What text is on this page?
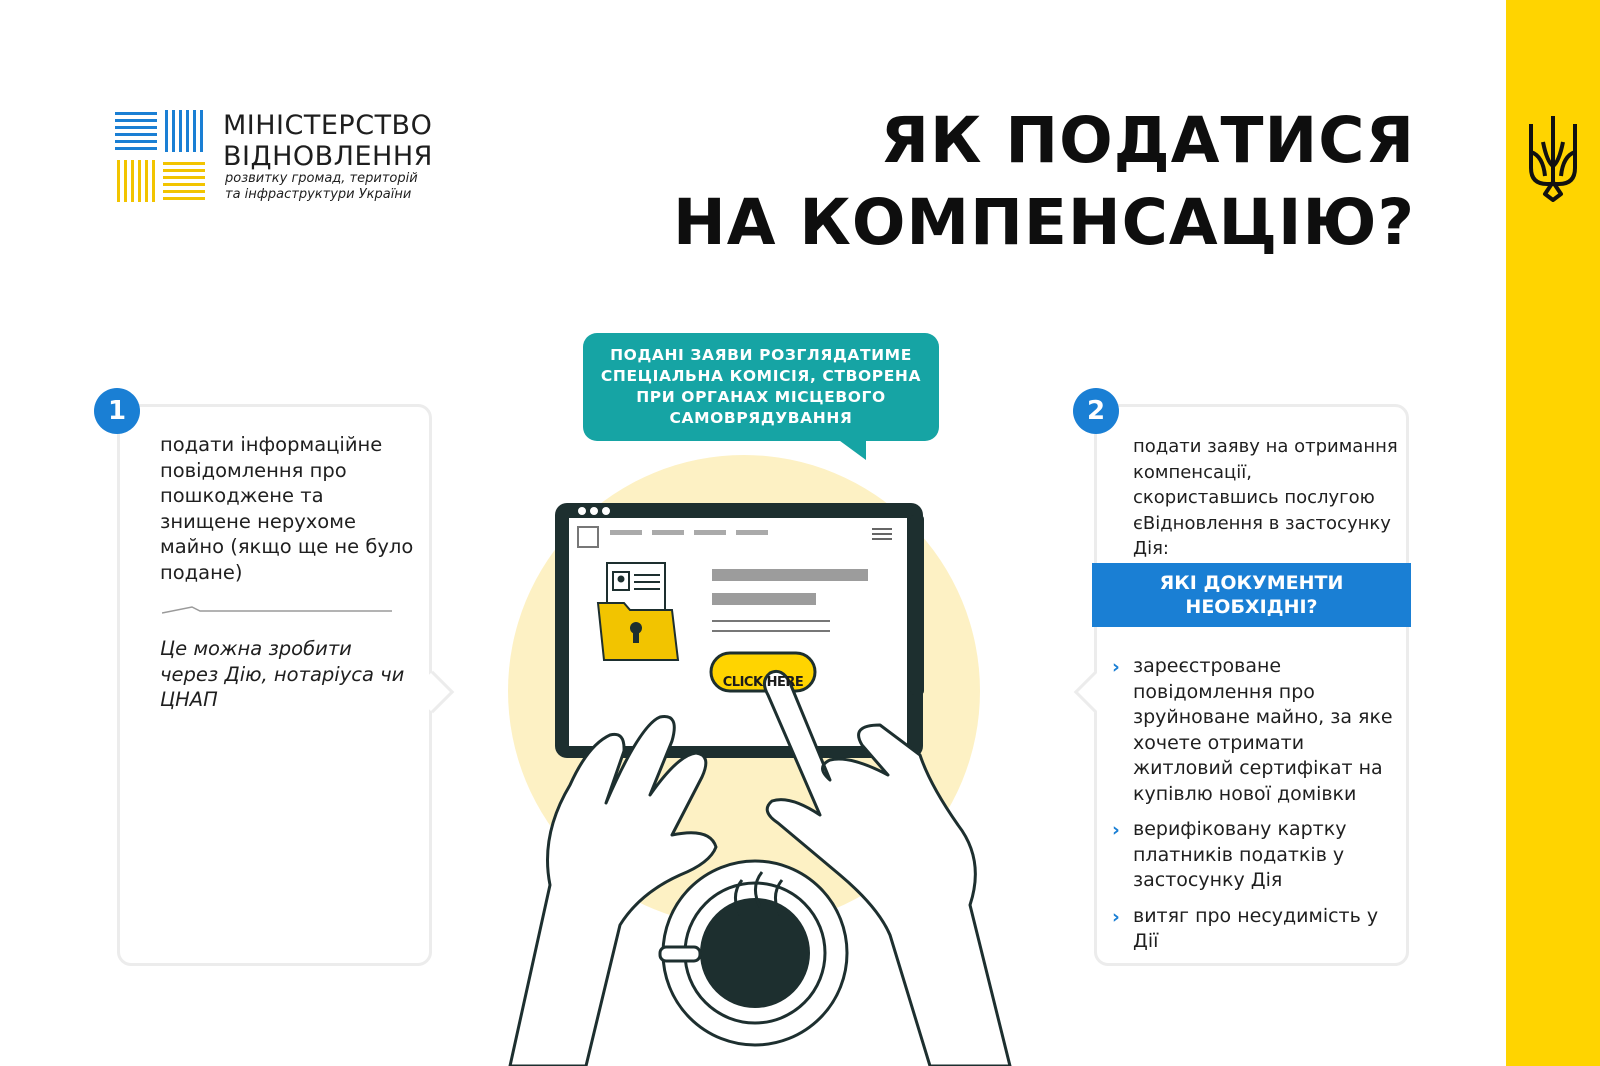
МІНІСТЕРСТВО
ВІДНОВЛЕННЯ
розвитку громад, територій
та інфраструктури України
ЯК ПОДАТИСЯ
НА КОМПЕНСАЦІЮ?
1
подати інформаційне повідомлення про пошкоджене та знищене нерухоме майно (якщо ще не було подане)
Це можна зробити через Дію, нотаріуса чи ЦНАП
2
подати заяву на отримання компенсації, скориставшись послугою єВідновлення в застосунку Дія:
ЯКІ ДОКУМЕНТИ
НЕОБХІДНІ?
› зареєстроване повідомлення про зруйноване майно, за яке хочете отримати житловий сертифікат на купівлю нової домівки
› верифіковану картку платників податків у застосунку Дія
› витяг про несудимість у Дії
ПОДАНІ ЗАЯВИ РОЗГЛЯДАТИМЕ
СПЕЦІАЛЬНА КОМІСІЯ, СТВОРЕНА
ПРИ ОРГАНАХ МІСЦЕВОГО
САМОВРЯДУВАННЯ
CLICK HERE
